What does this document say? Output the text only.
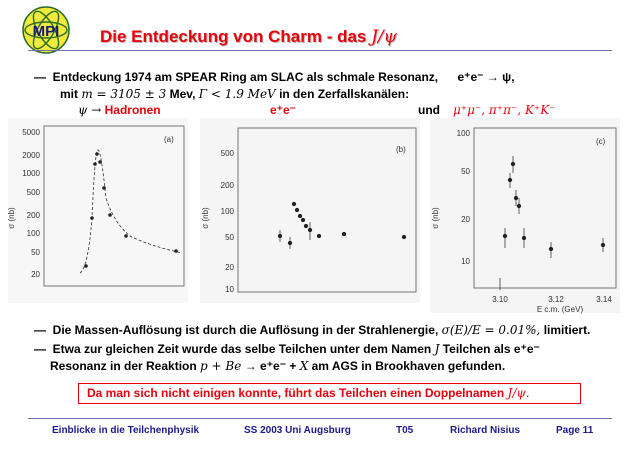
MPI Die Entdeckung von Charm - das J/ψ
— Entdeckung 1974 am SPEAR Ring am SLAC als schmale Resonanz, e⁺e⁻ → ψ,
mit m = 3105 ± 3 Mev, Γ < 1.9 MeV in den Zerfallskanälen:
ψ → Hadronen	e⁺e⁻	und μ⁺μ⁻, π⁺π⁻, K⁺K⁻
σ (nb)
5000
2000
1000
500
200
100
50
20
(a)
σ (nb)
500
200
100
50
20
10
(b)
σ (nb)
100
50
20
10
3.10	3.12	3.14
E c.m. (GeV)
(c)
— Die Massen-Auflösung ist durch die Auflösung in der Strahlenergie, σ(E)/E = 0.01%, limitiert.
— Etwa zur gleichen Zeit wurde das selbe Teilchen unter dem Namen J Teilchen als e⁺e⁻
Resonanz in der Reaktion p + Be → e⁺e⁻ + X am AGS in Brookhaven gefunden.
Da man sich nicht einigen konnte, führt das Teilchen einen Doppelnamen J/ψ.
Einblicke in die Teilchenphysik	SS 2003 Uni Augsburg	T05	Richard Nisius	Page 11
